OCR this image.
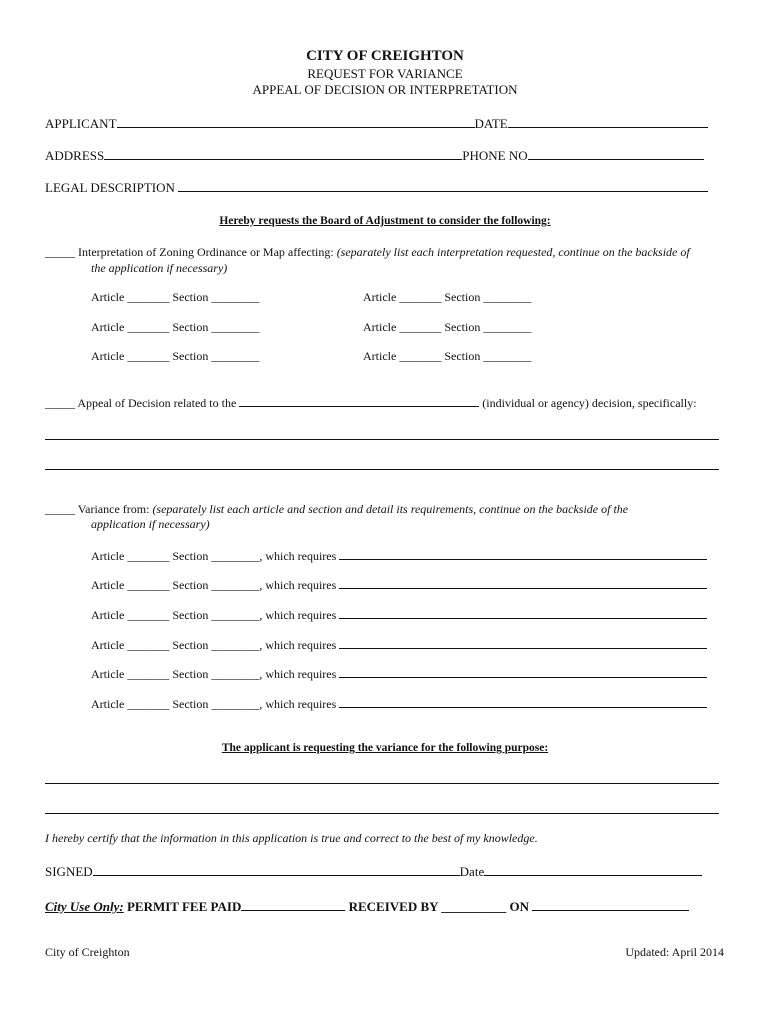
CITY OF CREIGHTON
REQUEST FOR VARIANCE
APPEAL OF DECISION OR INTERPRETATION
APPLICANT	DATE
ADDRESS	PHONE NO
LEGAL DESCRIPTION
Hereby requests the Board of Adjustment to consider the following:
_____ Interpretation of Zoning Ordinance or Map affecting: (separately list each interpretation requested, continue on the backside of
the application if necessary)
Article _______ Section ________	Article _______ Section ________
Article _______ Section ________	Article _______ Section ________
Article _______ Section ________	Article _______ Section ________
_____ Appeal of Decision related to the	(individual or agency) decision, specifically:
_____ Variance from: (separately list each article and section and detail its requirements, continue on the backside of the
application if necessary)
Article _______ Section ________, which requires
Article _______ Section ________, which requires
Article _______ Section ________, which requires
Article _______ Section ________, which requires
Article _______ Section ________, which requires
Article _______ Section ________, which requires
The applicant is requesting the variance for the following purpose:
I hereby certify that the information in this application is true and correct to the best of my knowledge.
SIGNED	Date
City Use Only: PERMIT FEE PAID	RECEIVED BY __________ ON
City of Creighton	Updated: April 2014
